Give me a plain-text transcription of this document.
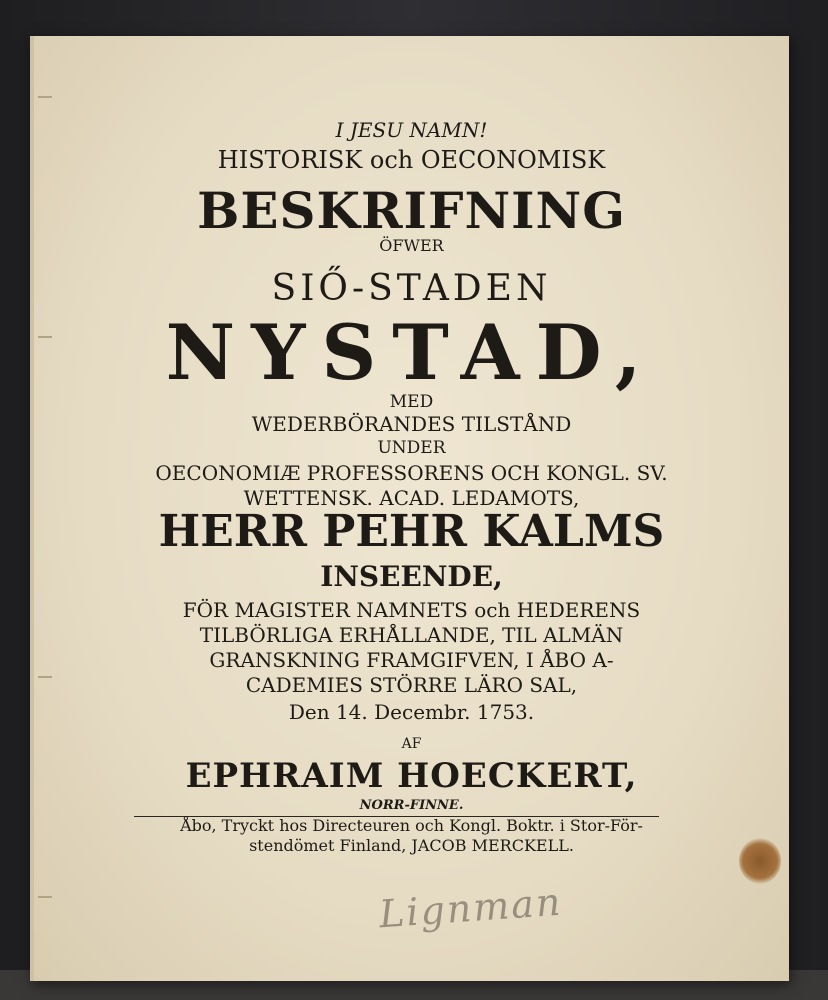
I JESU NAMN!
HISTORISK och OECONOMISK
BESKRIFNING
ÖFWER
SIŐ-STADEN
NYSTAD,
MED
WEDERBÖRANDES TILSTÅND
UNDER
OECONOMIÆ PROFESSORENS OCH KONGL. SV.
WETTENSK. ACAD. LEDAMOTS,
HERR PEHR KALMS
INSEENDE,
FÖR MAGISTER NAMNETS och HEDERENS
TILBÖRLIGA ERHÅLLANDE, TIL ALMÄN
GRANSKNING FRAMGIFVEN, I ÅBO A-
CADEMIES STÖRRE LÄRO SAL,
Den 14. Decembr. 1753.
AF
EPHRAIM HOECKERT,
NORR-FINNE.
Åbo, Tryckt hos Directeuren och Kongl. Boktr. i Stor-För-
stendömet Finland, JACOB MERCKELL.
Lignman
